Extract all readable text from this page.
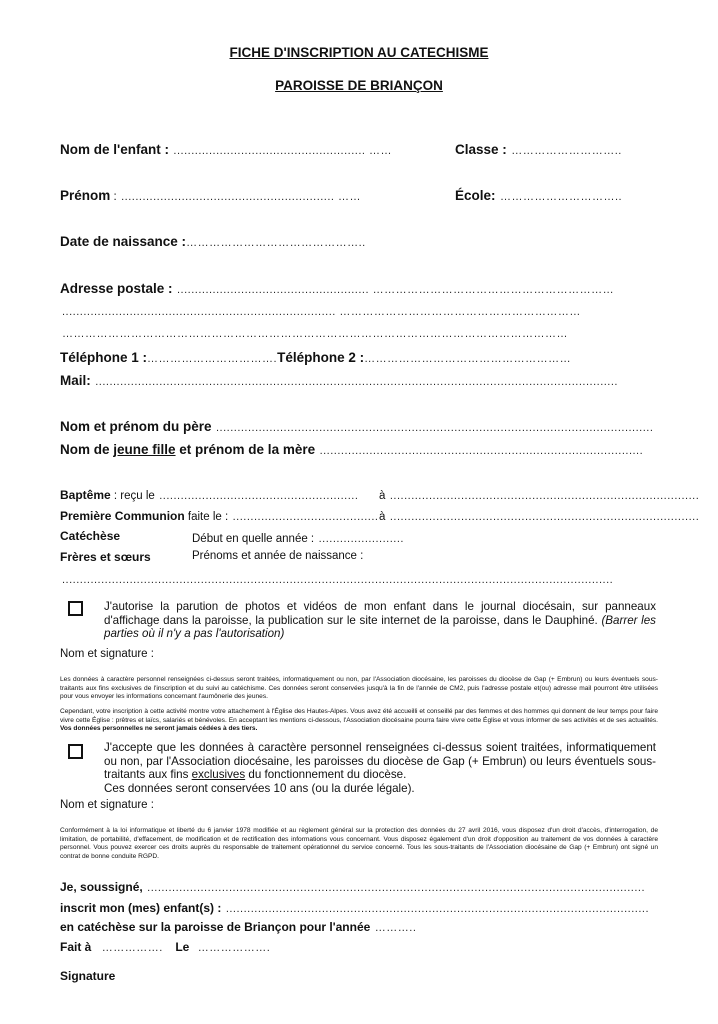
FICHE D'INSCRIPTION AU CATECHISME
PAROISSE DE BRIANÇON
Nom de l'enfant : ...................................................... ……	Classe : ………………………..
Prénom : ............................................................ ……	École: …………………………..
Date de naissance :………………………………………..
Adresse postale : ...................................................... ………………………………………………………
............................................................................. ………………………………………………………
……………………………………………………………………………………………………………………
Téléphone 1 :…………………………….Téléphone 2 :………………………………………………
Mail: ...................................................................................................................................................
Nom et prénom du père ...........................................................................................................................
Nom de jeune fille et prénom de la mère ...........................................................................................
Baptême : reçu le ........................................................ à .......................................................................................
Première Communion faite le : ......................................... à .......................................................................................
Catéchèse	Début en quelle année : ........................
Frères et sœurs	Prénoms et année de naissance :
...........................................................................................................................................................
J'autorise la parution de photos et vidéos de mon enfant dans le journal diocésain, sur panneaux d'affichage dans la paroisse, la publication sur le site internet de la paroisse, dans le Dauphiné. (Barrer les parties où il n'y a pas l'autorisation)
Nom et signature :
Les données à caractère personnel renseignées ci-dessus seront traitées, informatiquement ou non, par l'Association diocésaine, les paroisses du diocèse de Gap (+ Embrun) ou leurs éventuels sous-traitants aux fins exclusives de l'inscription et du suivi au catéchisme. Ces données seront conservées jusqu'à la fin de l'année de CM2, puis l'adresse postale et(ou) adresse mail pourront être utilisées pour vous envoyer les informations concernant l'aumônerie des jeunes.
Cependant, votre inscription à cette activité montre votre attachement à l'Église des Hautes-Alpes. Vous avez été accueilli et conseillé par des femmes et des hommes qui donnent de leur temps pour faire vivre cette Église : prêtres et laïcs, salariés et bénévoles. En acceptant les mentions ci-dessous, l'Association diocésaine pourra faire vivre cette Église et vous informer de ses activités et de ses actualités. Vos données personnelles ne seront jamais cédées à des tiers.
J'accepte que les données à caractère personnel renseignées ci-dessus soient traitées, informatiquement ou non, par l'Association diocésaine, les paroisses du diocèse de Gap (+ Embrun) ou leurs éventuels sous-traitants aux fins exclusives du fonctionnement du diocèse.
Ces données seront conservées 10 ans (ou la durée légale).
Nom et signature :
Conformément à la loi informatique et liberté du 6 janvier 1978 modifiée et au règlement général sur la protection des données du 27 avril 2016, vous disposez d'un droit d'accès, d'interrogation, de limitation, de portabilité, d'effacement, de modification et de rectification des informations vous concernant. Vous disposez également d'un droit d'opposition au traitement de vos données à caractère personnel. Vous pouvez exercer ces droits auprès du responsable de traitement opérationnel du service concerné. Tous les sous-traitants de l'Association diocésaine de Gap (+ Embrun) ont signé un contrat de bonne conduite RGPD.
Je, soussigné, ............................................................................................................................................
inscrit mon (mes) enfant(s) : .......................................................................................................................
en catéchèse sur la paroisse de Briançon pour l'année ………..
Fait à ……………. Le ……………….
Signature
